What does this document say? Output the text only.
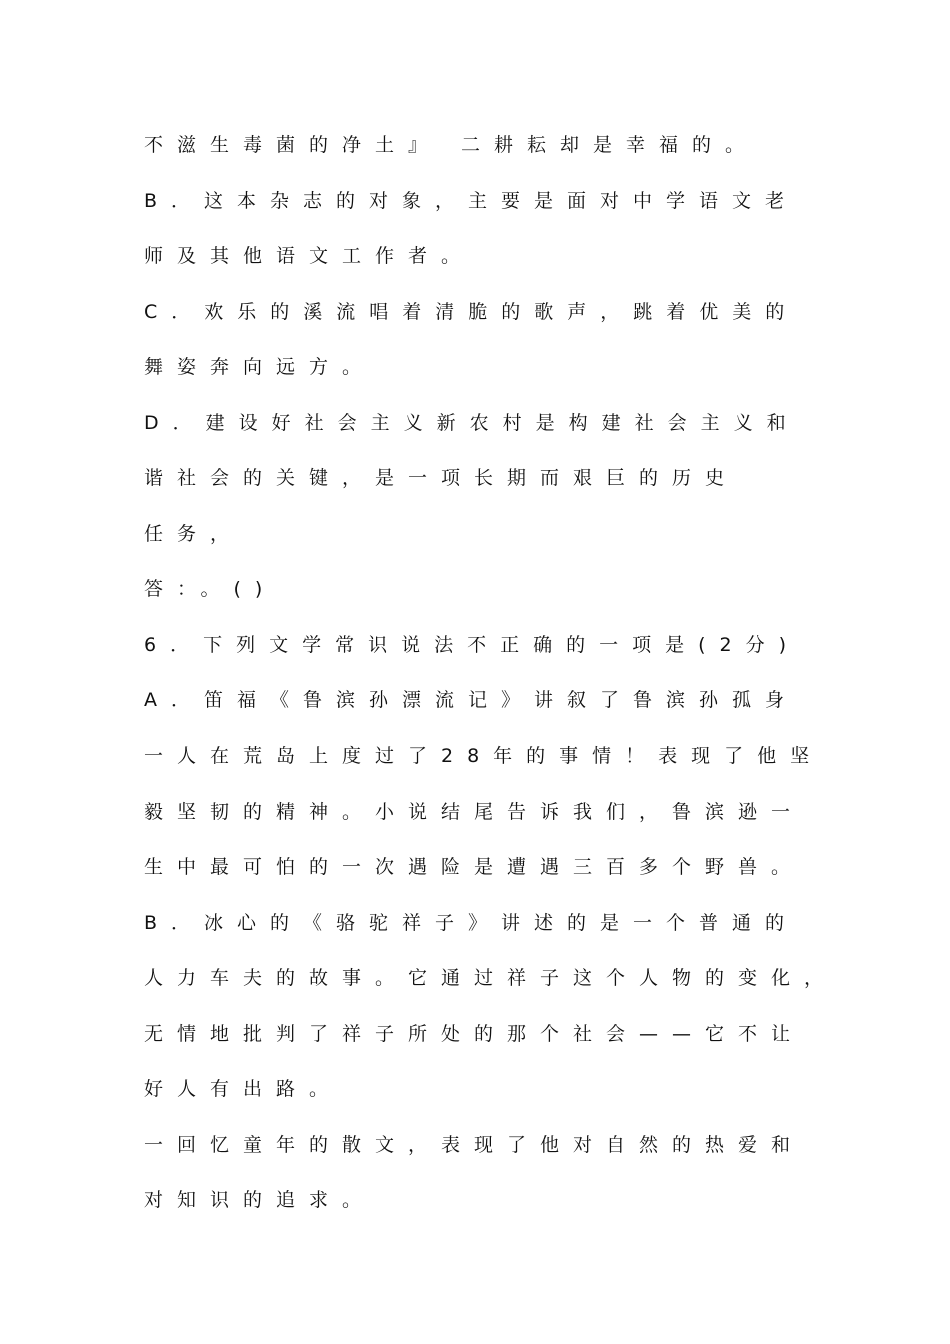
不滋生毒菌的净土』 二耕耘却是幸福的。
B．这本杂志的对象，主要是面对中学语文老
师及其他语文工作者。
C．欢乐的溪流唱着清脆的歌声，跳着优美的
舞姿奔向远方。
D．建设好社会主义新农村是构建社会主义和
谐社会的关键，是一项长期而艰巨的历史
任务，
答：。()
6．下列文学常识说法不正确的一项是(2分)
A．笛福《鲁滨孙漂流记》讲叙了鲁滨孙孤身
一人在荒岛上度过了28年的事情！表现了他坚
毅坚韧的精神。小说结尾告诉我们，鲁滨逊一
生中最可怕的一次遇险是遭遇三百多个野兽。
B．冰心的《骆驼祥子》讲述的是一个普通的
人力车夫的故事。它通过祥子这个人物的变化，
无情地批判了祥子所处的那个社会——它不让
好人有出路。
一回忆童年的散文，表现了他对自然的热爱和
对知识的追求。
